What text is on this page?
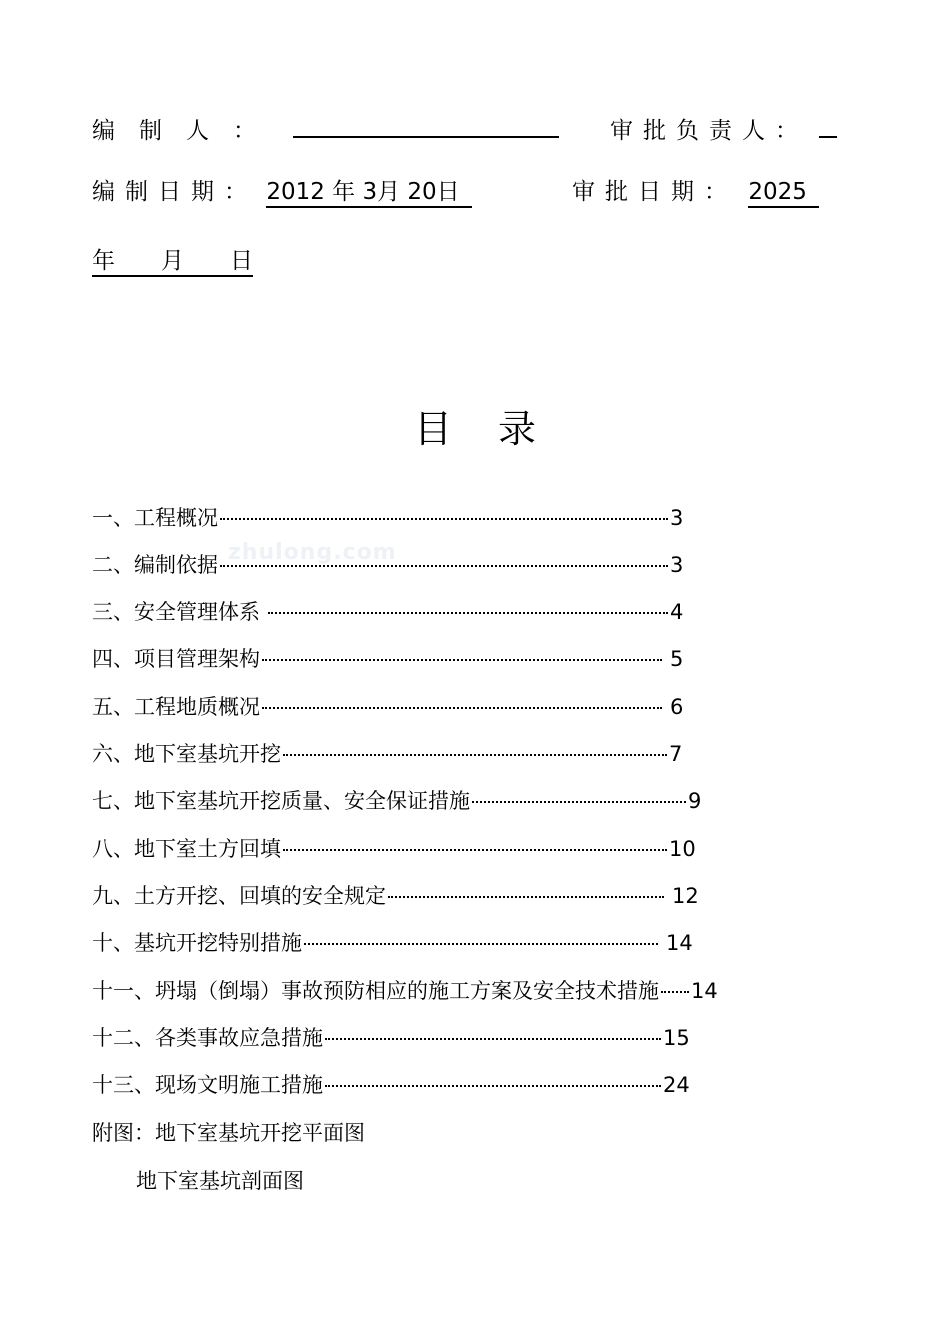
编制人：	审批负责人：
编制日期： 2012 年 3月 20日	审批日期： 2025
年　　月　　日
zhulong.com
目录
一、工程概况	3
二、编制依据	3
三、安全管理体系	4
四、项目管理架构	5
五、工程地质概况	6
六、地下室基坑开挖	7
七、地下室基坑开挖质量、安全保证措施	9
八、地下室土方回填	10
九、土方开挖、回填的安全规定	12
十、基坑开挖特别措施	14
十一、坍塌（倒塌）事故预防相应的施工方案及安全技术措施 14
十二、各类事故应急措施	15
十三、现场文明施工措施	24
附图：地下室基坑开挖平面图
地下室基坑剖面图
